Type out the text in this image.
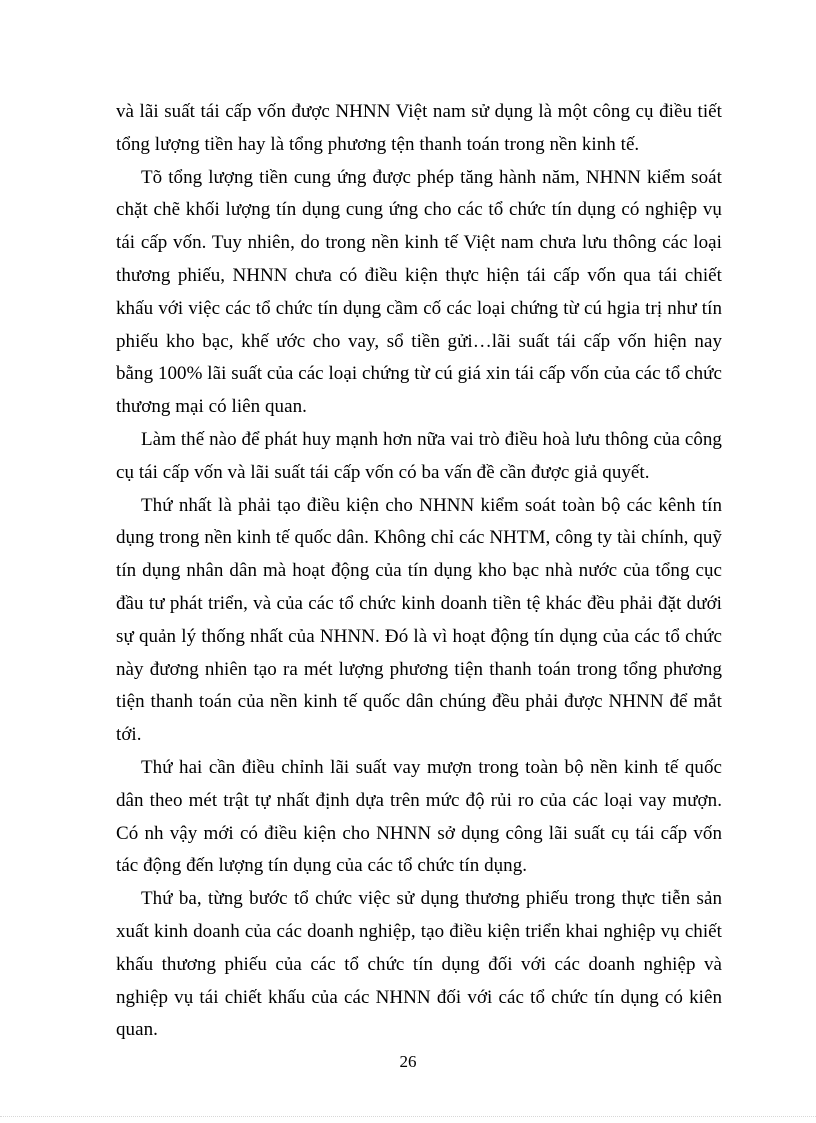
và lãi suất tái cấp vốn được NHNN Việt nam sử dụng là một công cụ điều tiết tổng lượng tiền hay là tổng phương tện thanh toán trong nền kinh tế.

Tõ tổng lượng tiền cung ứng được phép tăng hành năm, NHNN kiểm soát chặt chẽ khối lượng tín dụng cung ứng cho các tổ chức tín dụng có nghiệp vụ tái cấp vốn. Tuy nhiên, do trong nền kinh tế Việt nam chưa lưu thông các loại thương phiếu, NHNN chưa có điều kiện thực hiện tái cấp vốn qua tái chiết khấu với việc các tổ chức tín dụng cầm cố các loại chứng từ cú hgia trị như tín phiếu kho bạc, khế ước cho vay, sổ tiền gửi…lãi suất tái cấp vốn hiện nay bằng 100% lãi suất của các loại chứng từ cú giá xin tái cấp vốn của các tổ chức thương mại có liên quan.

Làm thế nào để phát huy mạnh hơn nữa vai trò điều hoà lưu thông của công cụ tái cấp vốn và lãi suất tái cấp vốn có ba vấn đề cần được giả quyết.

Thứ nhất là phải tạo điều kiện cho NHNN kiểm soát toàn bộ các kênh tín dụng trong nền kinh tế quốc dân. Không chỉ các NHTM, công ty tài chính, quỹ tín dụng nhân dân mà hoạt động của tín dụng kho bạc nhà nước của tổng cục đầu tư phát triển, và của các tổ chức kinh doanh tiền tệ khác đều phải đặt dưới sự quản lý thống nhất của NHNN. Đó là vì hoạt động tín dụng của các tổ chức này đương nhiên tạo ra mét lượng phương tiện thanh toán trong tổng phương tiện thanh toán của nền kinh tế quốc dân chúng đều phải được NHNN để mắt tới.

Thứ hai cần điều chỉnh lãi suất vay mượn trong toàn bộ nền kinh tế quốc dân theo mét trật tự nhất định dựa trên mức độ rủi ro của các loại vay mượn. Có nh vậy mới có điều kiện cho NHNN sở dụng công lãi suất cụ tái cấp vốn tác động đến lượng tín dụng của các tổ chức tín dụng.

Thứ ba, từng bước tổ chức việc sử dụng thương phiếu trong thực tiễn sản xuất kinh doanh của các doanh nghiệp, tạo điều kiện triển khai nghiệp vụ chiết khấu thương phiếu của các tổ chức tín dụng đối với các doanh nghiệp và nghiệp vụ tái chiết khấu của các NHNN đối với các tổ chức tín dụng có kiên quan.

26
